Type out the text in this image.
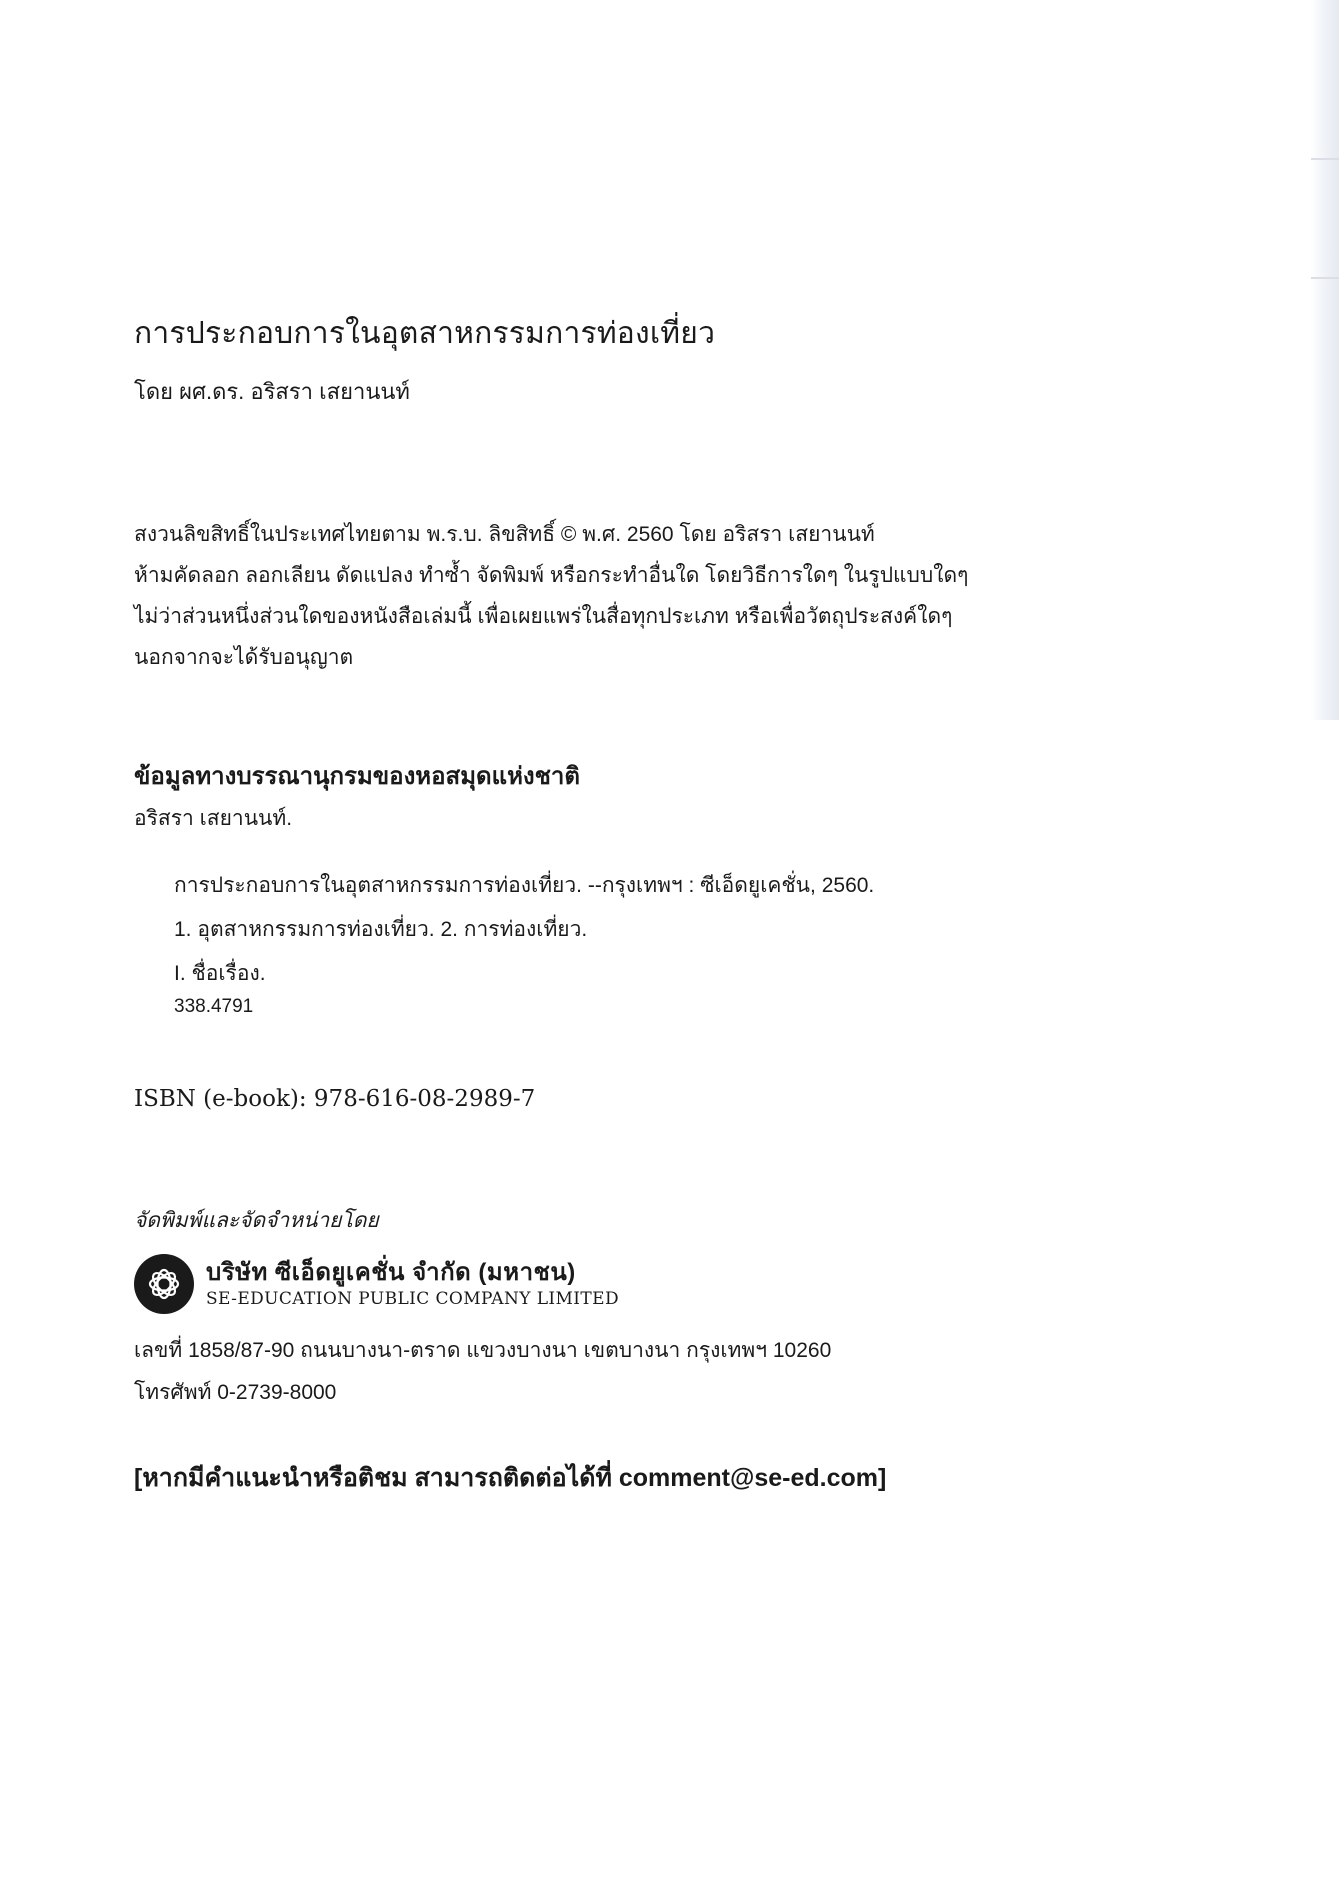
การประกอบการในอุตสาหกรรมการท่องเที่ยว
โดย ผศ.ดร. อริสรา เสยานนท์
สงวนลิขสิทธิ์ในประเทศไทยตาม พ.ร.บ. ลิขสิทธิ์ © พ.ศ. 2560 โดย อริสรา เสยานนท์
ห้ามคัดลอก ลอกเลียน ดัดแปลง ทำซ้ำ จัดพิมพ์ หรือกระทำอื่นใด โดยวิธีการใดๆ ในรูปแบบใดๆ
ไม่ว่าส่วนหนึ่งส่วนใดของหนังสือเล่มนี้ เพื่อเผยแพร่ในสื่อทุกประเภท หรือเพื่อวัตถุประสงค์ใดๆ
นอกจากจะได้รับอนุญาต
ข้อมูลทางบรรณานุกรมของหอสมุดแห่งชาติ
อริสรา เสยานนท์.
การประกอบการในอุตสาหกรรมการท่องเที่ยว. --กรุงเทพฯ : ซีเอ็ดยูเคชั่น, 2560.
1. อุตสาหกรรมการท่องเที่ยว. 2. การท่องเที่ยว.
I. ชื่อเรื่อง.
338.4791
ISBN (e-book): 978-616-08-2989-7
จัดพิมพ์และจัดจำหน่ายโดย
บริษัท ซีเอ็ดยูเคชั่น จำกัด (มหาชน)
SE-EDUCATION PUBLIC COMPANY LIMITED
เลขที่ 1858/87-90 ถนนบางนา-ตราด แขวงบางนา เขตบางนา กรุงเทพฯ 10260
โทรศัพท์ 0-2739-8000
[หากมีคำแนะนำหรือติชม สามารถติดต่อได้ที่ comment@se-ed.com]
